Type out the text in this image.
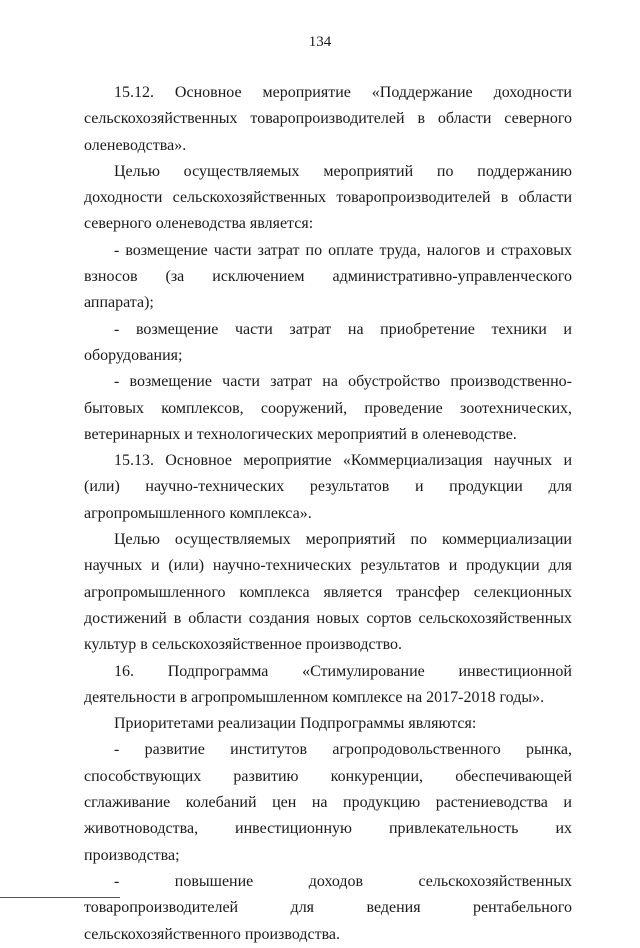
134

15.12. Основное мероприятие «Поддержание доходности сельскохозяйственных товаропроизводителей в области северного оленеводства».

Целью осуществляемых мероприятий по поддержанию доходности сельскохозяйственных товаропроизводителей в области северного оленеводства является:

- возмещение части затрат по оплате труда, налогов и страховых взносов (за исключением административно-управленческого аппарата);

- возмещение части затрат на приобретение техники и оборудования;

- возмещение части затрат на обустройство производственно-бытовых комплексов, сооружений, проведение зоотехнических, ветеринарных и технологических мероприятий в оленеводстве.

15.13. Основное мероприятие «Коммерциализация научных и (или) научно-технических результатов и продукции для агропромышленного комплекса».

Целью осуществляемых мероприятий по коммерциализации научных и (или) научно-технических результатов и продукции для агропромышленного комплекса является трансфер селекционных достижений в области создания новых сортов сельскохозяйственных культур в сельскохозяйственное производство.

16. Подпрограмма «Стимулирование инвестиционной деятельности в агропромышленном комплексе на 2017-2018 годы».

Приоритетами реализации Подпрограммы являются:

- развитие институтов агропродовольственного рынка, способствующих развитию конкуренции, обеспечивающей сглаживание колебаний цен на продукцию растениеводства и животноводства, инвестиционную привлекательность их производства;

- повышение доходов сельскохозяйственных товаропроизводителей для ведения рентабельного сельскохозяйственного производства.
